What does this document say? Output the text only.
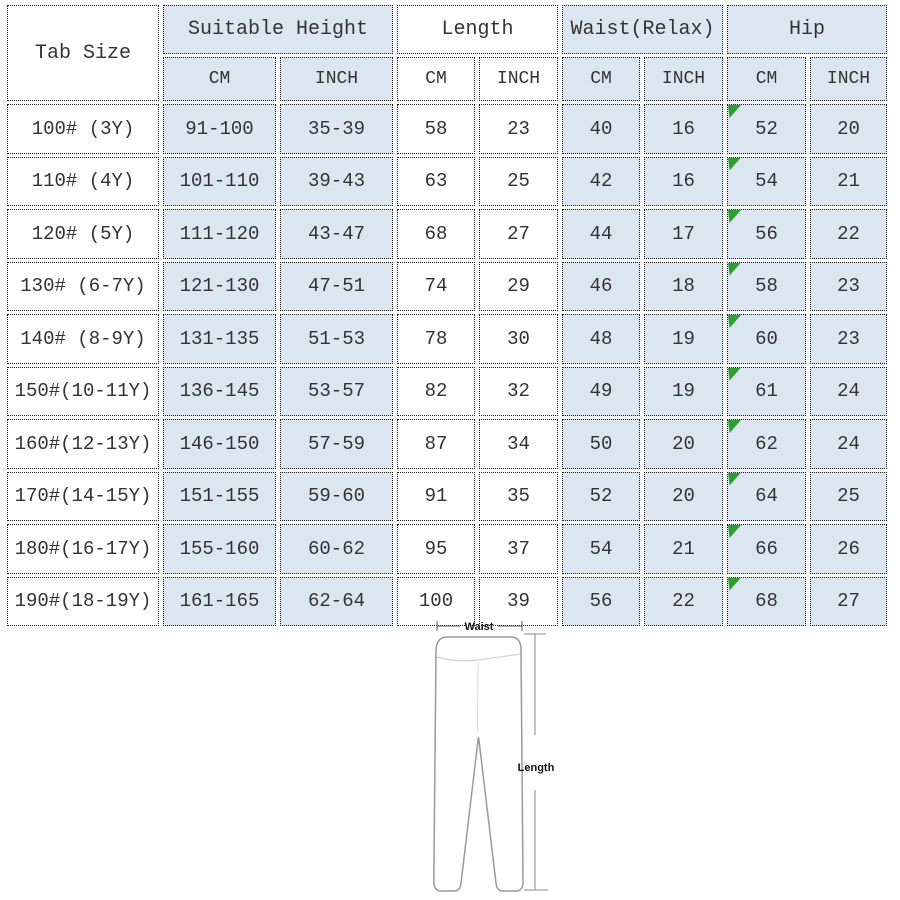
Tab Size	Suitable Height		Length		Waist(Relax)		Hip	
	CM	INCH	CM	INCH	CM	INCH	CM	INCH
100# (3Y)	91-100	35-39	58	23	40	16	52	20
110# (4Y)	101-110	39-43	63	25	42	16	54	21
120# (5Y)	111-120	43-47	68	27	44	17	56	22
130# (6-7Y)	121-130	47-51	74	29	46	18	58	23
140# (8-9Y)	131-135	51-53	78	30	48	19	60	23
150#(10-11Y)	136-145	53-57	82	32	49	19	61	24
160#(12-13Y)	146-150	57-59	87	34	50	20	62	24
170#(14-15Y)	151-155	59-60	91	35	52	20	64	25
180#(16-17Y)	155-160	60-62	95	37	54	21	66	26
190#(18-19Y)	161-165	62-64	100	39	56	22	68	27
Waist
Length
